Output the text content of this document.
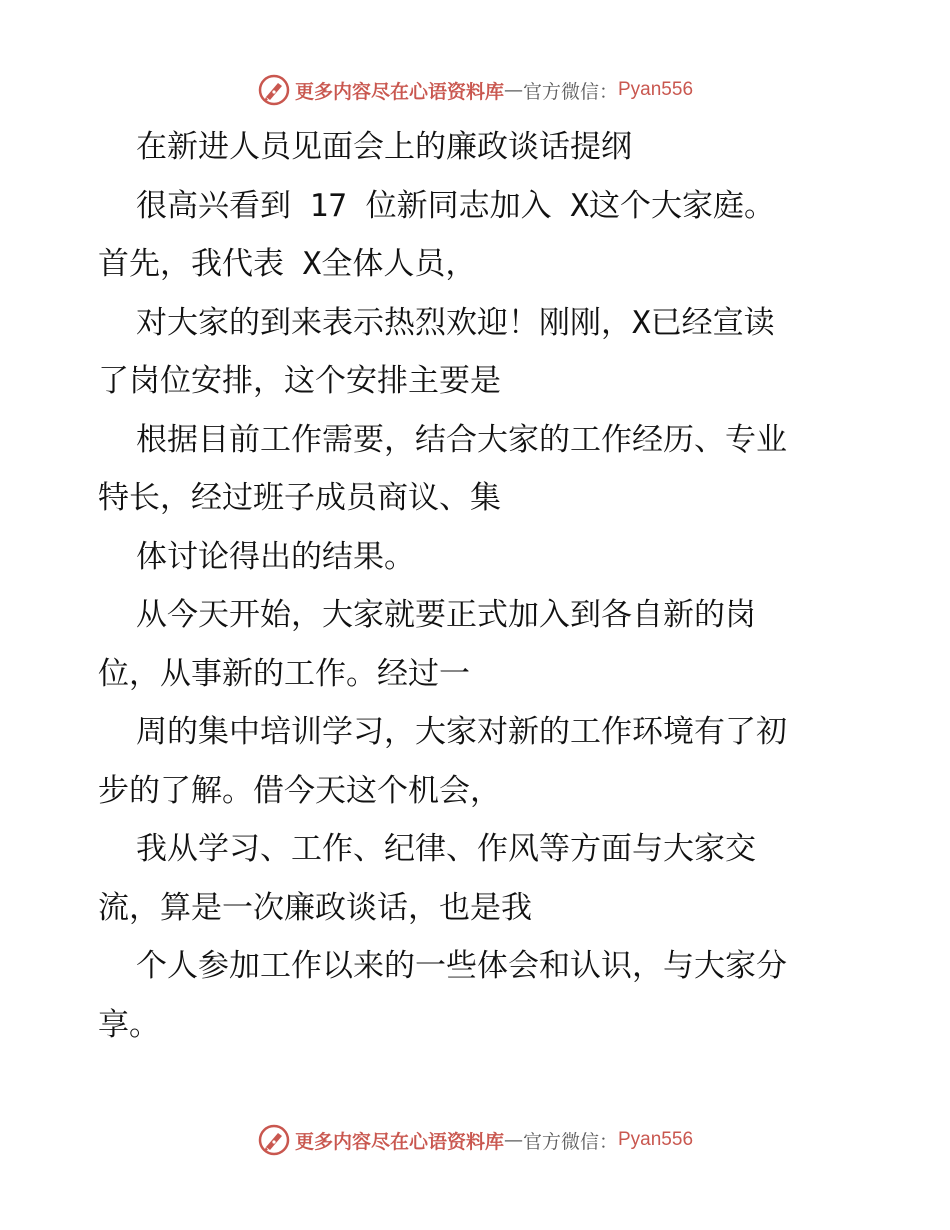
更多内容尽在心语资料库 — 官方微信： Pyan556
在新进人员见面会上的廉政谈话提纲
很高兴看到 17 位新同志加入 X这个大家庭。
首先，我代表 X全体人员，
对大家的到来表示热烈欢迎！刚刚，X已经宣读
了岗位安排，这个安排主要是
根据目前工作需要，结合大家的工作经历、专业
特长，经过班子成员商议、集
体讨论得出的结果。
从今天开始，大家就要正式加入到各自新的岗
位，从事新的工作。经过一
周的集中培训学习，大家对新的工作环境有了初
步的了解。借今天这个机会，
我从学习、工作、纪律、作风等方面与大家交
流，算是一次廉政谈话，也是我
个人参加工作以来的一些体会和认识，与大家分
享。
更多内容尽在心语资料库 — 官方微信： Pyan556
